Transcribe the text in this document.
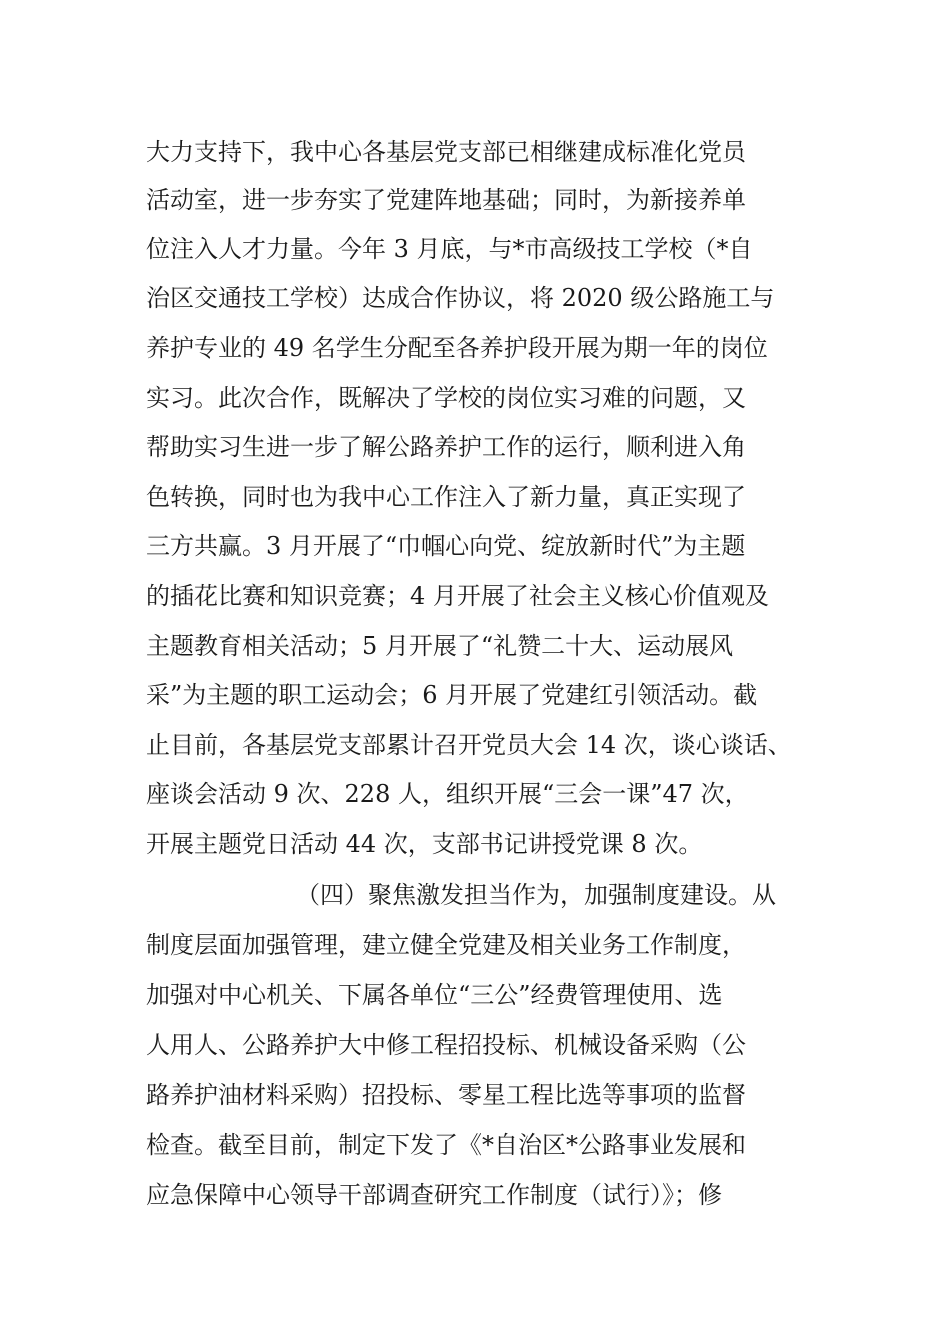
大力支持下，我中心各基层党支部已相继建成标准化党员

活动室，进一步夯实了党建阵地基础；同时，为新接养单

位注入人才力量。今年 3 月底，与*市高级技工学校（*自

治区交通技工学校）达成合作协议，将 2020 级公路施工与

养护专业的 49 名学生分配至各养护段开展为期一年的岗位

实习。此次合作，既解决了学校的岗位实习难的问题，又

帮助实习生进一步了解公路养护工作的运行，顺利进入角

色转换，同时也为我中心工作注入了新力量，真正实现了

三方共赢。3 月开展了“巾帼心向党、绽放新时代”为主题

的插花比赛和知识竞赛；4 月开展了社会主义核心价值观及

主题教育相关活动；5 月开展了“礼赞二十大、运动展风

采”为主题的职工运动会；6 月开展了党建红引领活动。截

止目前，各基层党支部累计召开党员大会 14 次，谈心谈话、

座谈会活动 9 次、228 人，组织开展“三会一课”47 次，

开展主题党日活动 44 次，支部书记讲授党课 8 次。

（四）聚焦激发担当作为，加强制度建设。从

制度层面加强管理，建立健全党建及相关业务工作制度，

加强对中心机关、下属各单位“三公”经费管理使用、选

人用人、公路养护大中修工程招投标、机械设备采购（公

路养护油材料采购）招投标、零星工程比选等事项的监督

检查。截至目前，制定下发了《*自治区*公路事业发展和

应急保障中心领导干部调查研究工作制度（试行）》；修
